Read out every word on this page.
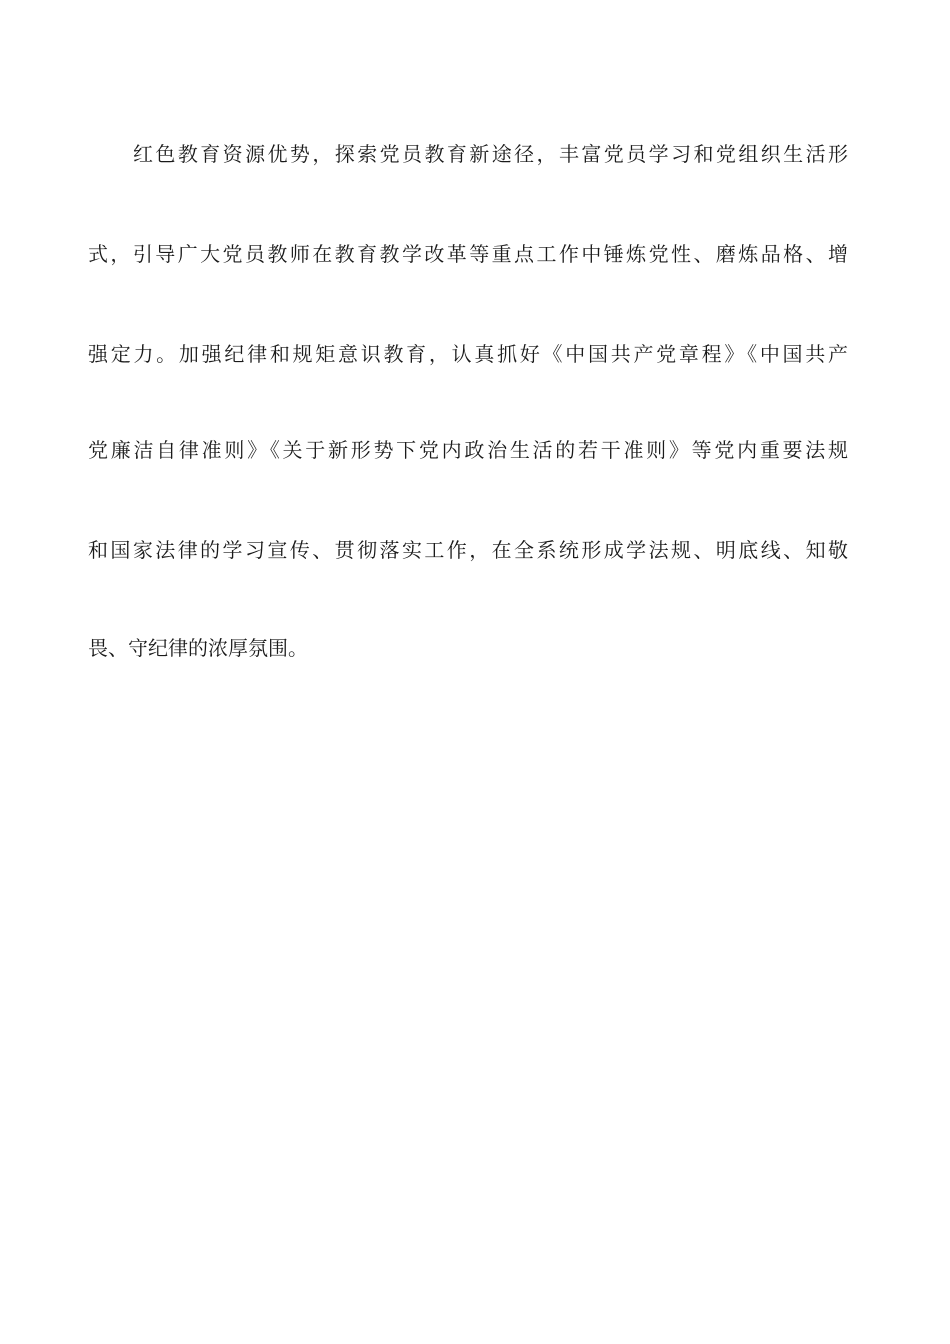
红色教育资源优势，探索党员教育新途径，丰富党员学习和党组织生活形
式，引导广大党员教师在教育教学改革等重点工作中锤炼党性、磨炼品格、增
强定力。加强纪律和规矩意识教育，认真抓好《中国共产党章程》《中国共产
党廉洁自律准则》《关于新形势下党内政治生活的若干准则》等党内重要法规
和国家法律的学习宣传、贯彻落实工作，在全系统形成学法规、明底线、知敬
畏、守纪律的浓厚氛围。
